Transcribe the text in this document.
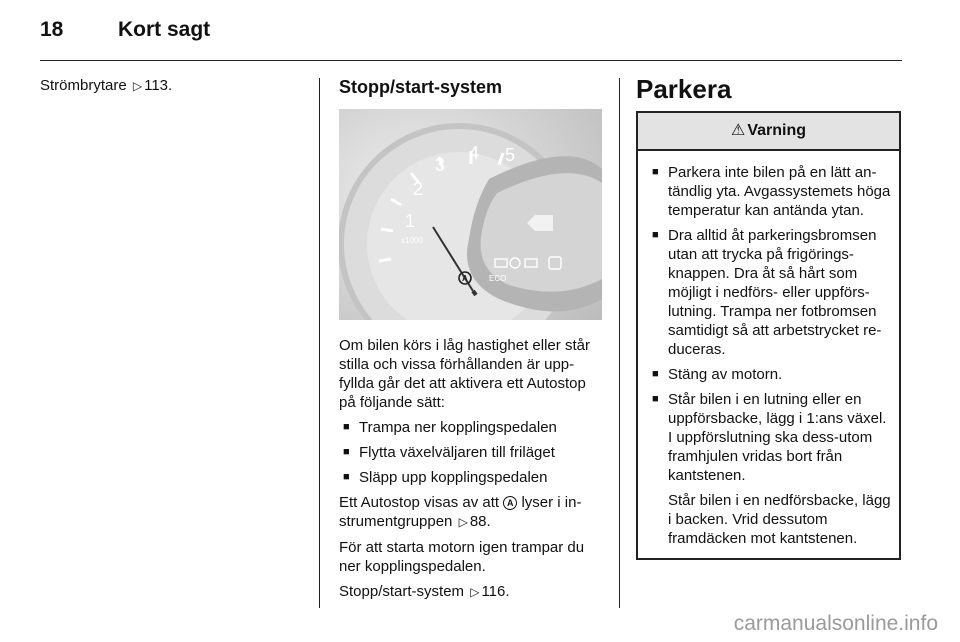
18	Kort sagt

Strömbrytare ▷ 113.	Stopp/start-system
1
2
3
4 5
x1000
A	ECO

Om bilen körs i låg hastighet eller står stilla och vissa förhållanden är upp-fyllda går det att aktivera ett Autostop på följande sätt:

■ Trampa ner kopplingspedalen
■ Flytta växelväljaren till friläget
■ Släpp upp kopplingspedalen

Ett Autostop visas av att A lyser i in-strumentgruppen ▷ 88.

För att starta motorn igen trampar du ner kopplingspedalen.

Stopp/start-system ▷ 116.

Parkera
⚠ Varning
■ Parkera inte bilen på en lätt an-tändlig yta. Avgassystemets höga temperatur kan antända ytan.
■ Dra alltid åt parkeringsbromsen utan att trycka på frigörings-knappen. Dra åt så hårt som möjligt i nedförs- eller uppförs-lutning. Trampa ner fotbromsen samtidigt så att arbetstrycket re-duceras.
■ Stäng av motorn.
■ Står bilen i en lutning eller en uppförsbacke, lägg i 1:ans växel. I uppförslutning ska dess-utom framhjulen vridas bort från kantstenen.

Står bilen i en nedförsbacke, lägg i backen. Vrid dessutom framdäcken mot kantstenen.

carmanualsonline.info
